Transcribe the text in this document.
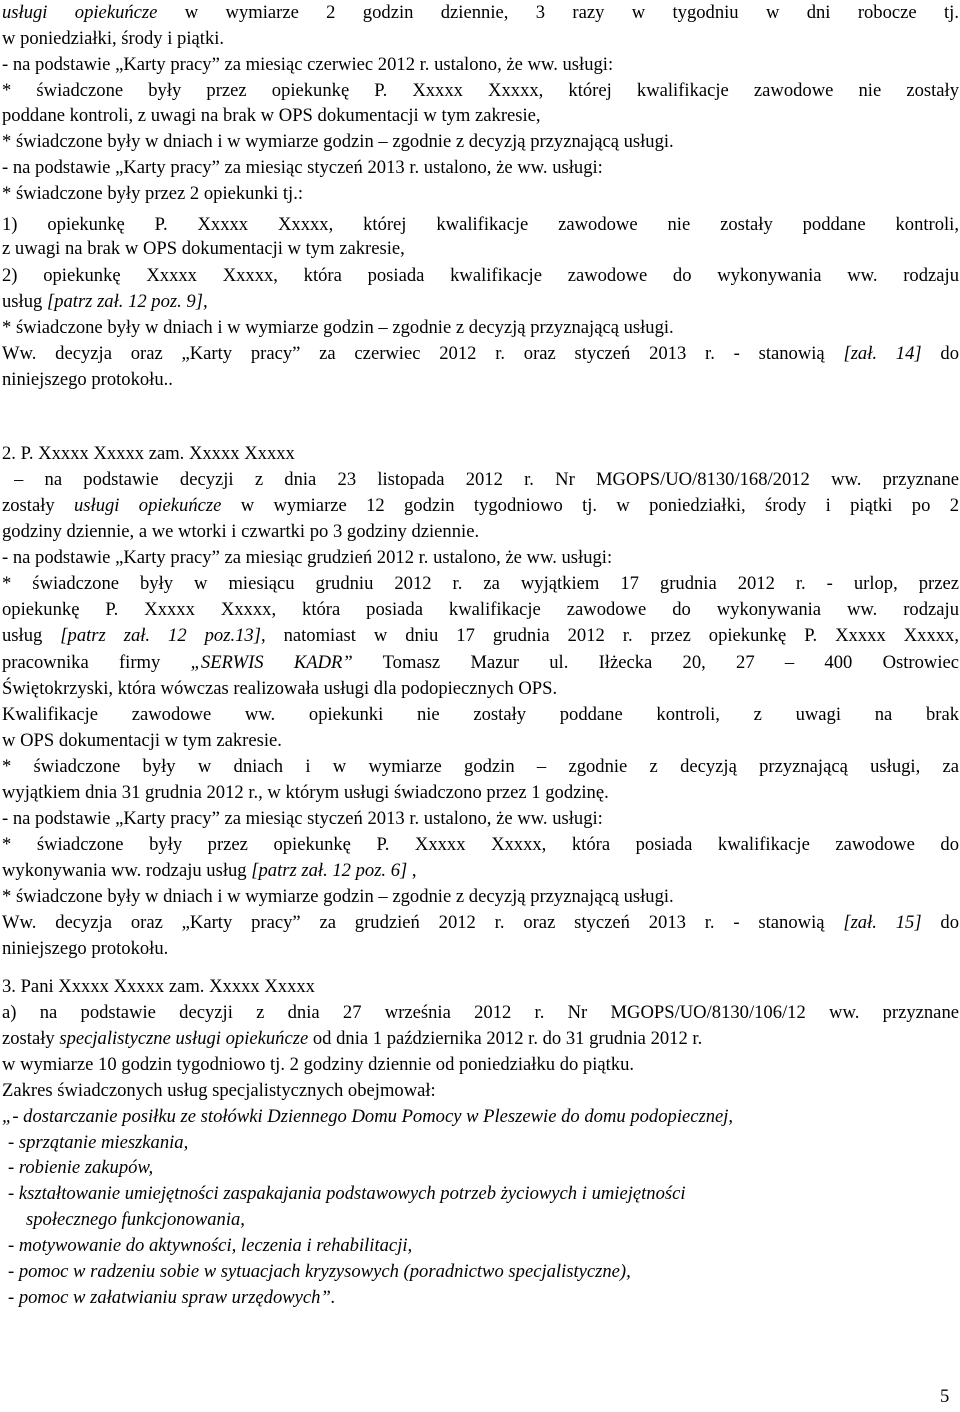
5
usługi opiekuńcze w wymiarze 2 godzin dziennie, 3 razy w tygodniu w dni robocze tj.
w poniedziałki, środy i piątki.
- na podstawie „Karty pracy” za miesiąc czerwiec 2012 r. ustalono, że ww. usługi:
* świadczone były przez opiekunkę P. Xxxxx Xxxxx, której kwalifikacje zawodowe nie zostały
poddane kontroli, z uwagi na brak w OPS dokumentacji w tym zakresie,
* świadczone były w dniach i w wymiarze godzin – zgodnie z decyzją przyznającą usługi.
- na podstawie „Karty pracy” za miesiąc styczeń 2013 r. ustalono, że ww. usługi:
* świadczone były przez 2 opiekunki tj.:
1) opiekunkę P. Xxxxx Xxxxx, której kwalifikacje zawodowe nie zostały poddane kontroli,
z uwagi na brak w OPS dokumentacji w tym zakresie,
2) opiekunkę Xxxxx Xxxxx, która posiada kwalifikacje zawodowe do wykonywania ww. rodzaju
usług [patrz zał. 12 poz. 9],
* świadczone były w dniach i w wymiarze godzin – zgodnie z decyzją przyznającą usługi.
Ww. decyzja oraz „Karty pracy” za czerwiec 2012 r. oraz styczeń 2013 r. - stanowią [zał. 14] do
niniejszego protokołu..
2. P. Xxxxx Xxxxx zam. Xxxxx Xxxxx
– na podstawie decyzji z dnia 23 listopada 2012 r. Nr MGOPS/UO/8130/168/2012 ww. przyznane
zostały usługi opiekuńcze w wymiarze 12 godzin tygodniowo tj. w poniedziałki, środy i piątki po 2
godziny dziennie, a we wtorki i czwartki po 3 godziny dziennie.
- na podstawie „Karty pracy” za miesiąc grudzień 2012 r. ustalono, że ww. usługi:
* świadczone były w miesiącu grudniu 2012 r. za wyjątkiem 17 grudnia 2012 r. - urlop, przez
opiekunkę P. Xxxxx Xxxxx, która posiada kwalifikacje zawodowe do wykonywania ww. rodzaju
usług [patrz zał. 12 poz.13], natomiast w dniu 17 grudnia 2012 r. przez opiekunkę P. Xxxxx Xxxxx,
pracownika firmy „SERWIS KADR” Tomasz Mazur ul. Iłżecka 20, 27 – 400 Ostrowiec
Świętokrzyski, która wówczas realizowała usługi dla podopiecznych OPS.
Kwalifikacje zawodowe ww. opiekunki nie zostały poddane kontroli, z uwagi na brak
w OPS dokumentacji w tym zakresie.
* świadczone były w dniach i w wymiarze godzin – zgodnie z decyzją przyznającą usługi, za
wyjątkiem dnia 31 grudnia 2012 r., w którym usługi świadczono przez 1 godzinę.
- na podstawie „Karty pracy” za miesiąc styczeń 2013 r. ustalono, że ww. usługi:
* świadczone były przez opiekunkę P. Xxxxx Xxxxx, która posiada kwalifikacje zawodowe do
wykonywania ww. rodzaju usług [patrz zał. 12 poz. 6] ,
* świadczone były w dniach i w wymiarze godzin – zgodnie z decyzją przyznającą usługi.
Ww. decyzja oraz „Karty pracy” za grudzień 2012 r. oraz styczeń 2013 r. - stanowią [zał. 15] do
niniejszego protokołu.
3. Pani Xxxxx Xxxxx zam. Xxxxx Xxxxx
a) na podstawie decyzji z dnia 27 września 2012 r. Nr MGOPS/UO/8130/106/12 ww. przyznane
zostały specjalistyczne usługi opiekuńcze od dnia 1 października 2012 r. do 31 grudnia 2012 r.
w wymiarze 10 godzin tygodniowo tj. 2 godziny dziennie od poniedziałku do piątku.
Zakres świadczonych usług specjalistycznych obejmował:
„- dostarczanie posiłku ze stołówki Dziennego Domu Pomocy w Pleszewie do domu podopiecznej,
- sprzątanie mieszkania,
- robienie zakupów,
- kształtowanie umiejętności zaspakajania podstawowych potrzeb życiowych i umiejętności
społecznego funkcjonowania,
- motywowanie do aktywności, leczenia i rehabilitacji,
- pomoc w radzeniu sobie w sytuacjach kryzysowych (poradnictwo specjalistyczne),
- pomoc w załatwianiu spraw urzędowych”.
